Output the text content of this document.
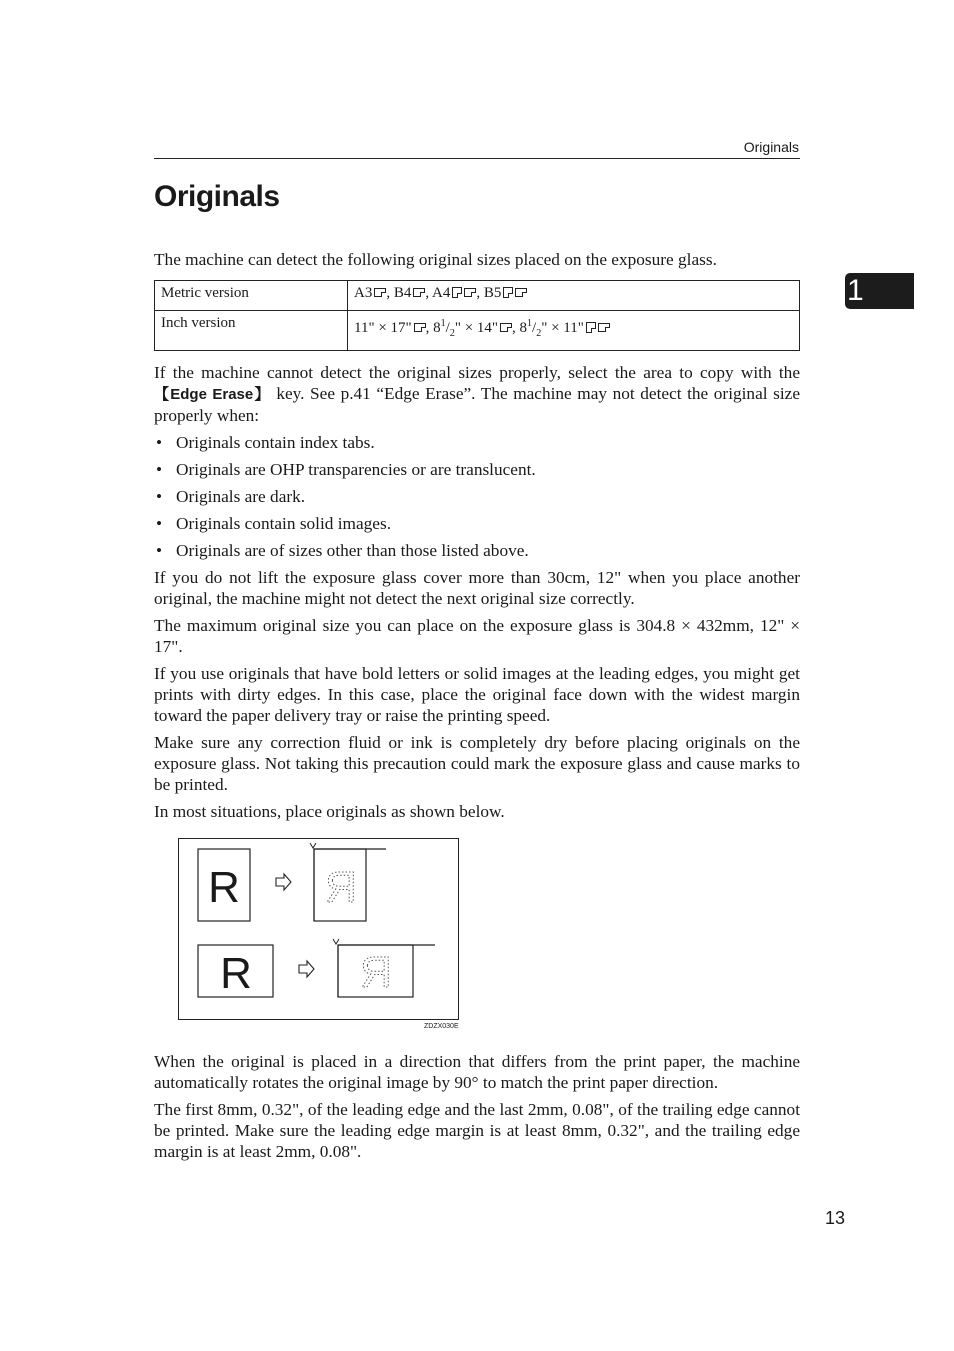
Originals
Originals
1

The machine can detect the following original sizes placed on the exposure glass.

Metric version	A3 , B4 , A4 , B5
Inch version	11" × 17" , $8^1/_2$" × 14" , $8^1/_2$" × 11"

If the machine cannot detect the original sizes properly, select the area to copy with the 【Edge Erase】 key. See p.41 “Edge Erase”. The machine may not detect the original size properly when:

• Originals contain index tabs.
• Originals are OHP transparencies or are translucent.
• Originals are dark.
• Originals contain solid images.
• Originals are of sizes other than those listed above.

If you do not lift the exposure glass cover more than 30cm, 12" when you place another original, the machine might not detect the next original size correctly.

The maximum original size you can place on the exposure glass is 304.8 × 432mm, 12" × 17".

If you use originals that have bold letters or solid images at the leading edges, you might get prints with dirty edges. In this case, place the original face down with the widest margin toward the paper delivery tray or raise the printing speed.

Make sure any correction fluid or ink is completely dry before placing originals on the exposure glass. Not taking this precaution could mark the exposure glass and cause marks to be printed.

In most situations, place originals as shown below.

R R
R R
ZDZX030E

When the original is placed in a direction that differs from the print paper, the machine automatically rotates the original image by 90° to match the print paper direction.

The first 8mm, 0.32", of the leading edge and the last 2mm, 0.08", of the trailing edge cannot be printed. Make sure the leading edge margin is at least 8mm, 0.32", and the trailing edge margin is at least 2mm, 0.08".

13
